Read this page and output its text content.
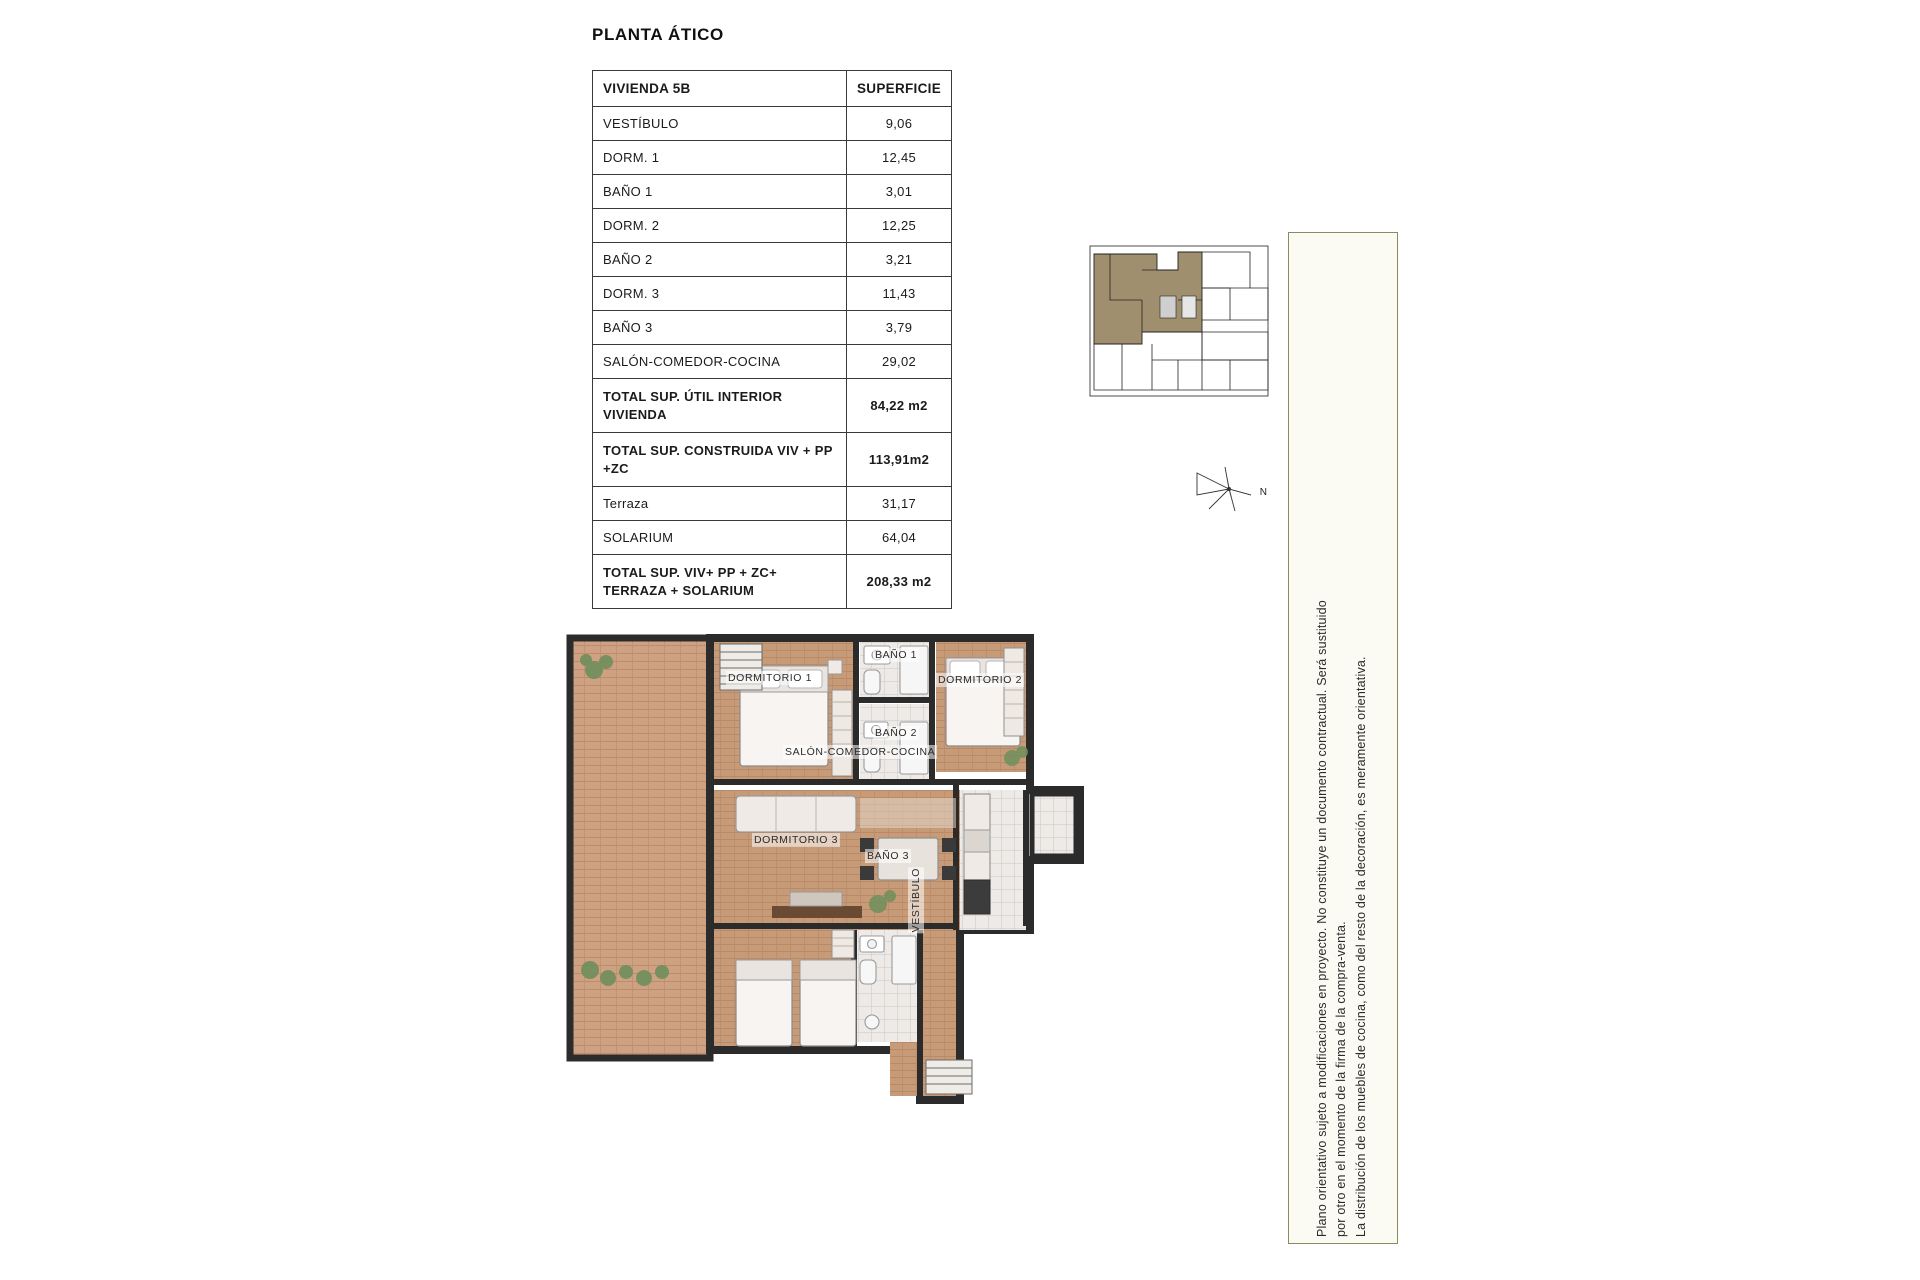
PLANTA ÁTICO
VIVIENDA 5B	SUPERFICIE
VESTÍBULO	9,06
DORM. 1	12,45
BAÑO 1	3,01
DORM. 2	12,25
BAÑO 2	3,21
DORM. 3	11,43
BAÑO 3	3,79
SALÓN-COMEDOR-COCINA	29,02
TOTAL SUP. ÚTIL INTERIOR VIVIENDA	84,22 m2
TOTAL SUP. CONSTRUIDA VIV + PP +ZC	113,91m2
Terraza	31,17
SOLARIUM	64,04
TOTAL SUP. VIV+ PP + ZC+ TERRAZA + SOLARIUM	208,33 m2
N
Plano orientativo sujeto a modificaciones en proyecto. No constituye un documento contractual. Será sustituido por otro en el momento de la firma de la compra-venta. La distribución de los muebles de cocina, como del resto de la decoración, es meramente orientativa.
BAÑO 1
BAÑO 2
DORMITORIO 1	DORMITORIO 2
SALÓN-COMEDOR-COCINA
DORMITORIO 3
BAÑO 3
VESTÍBULO
